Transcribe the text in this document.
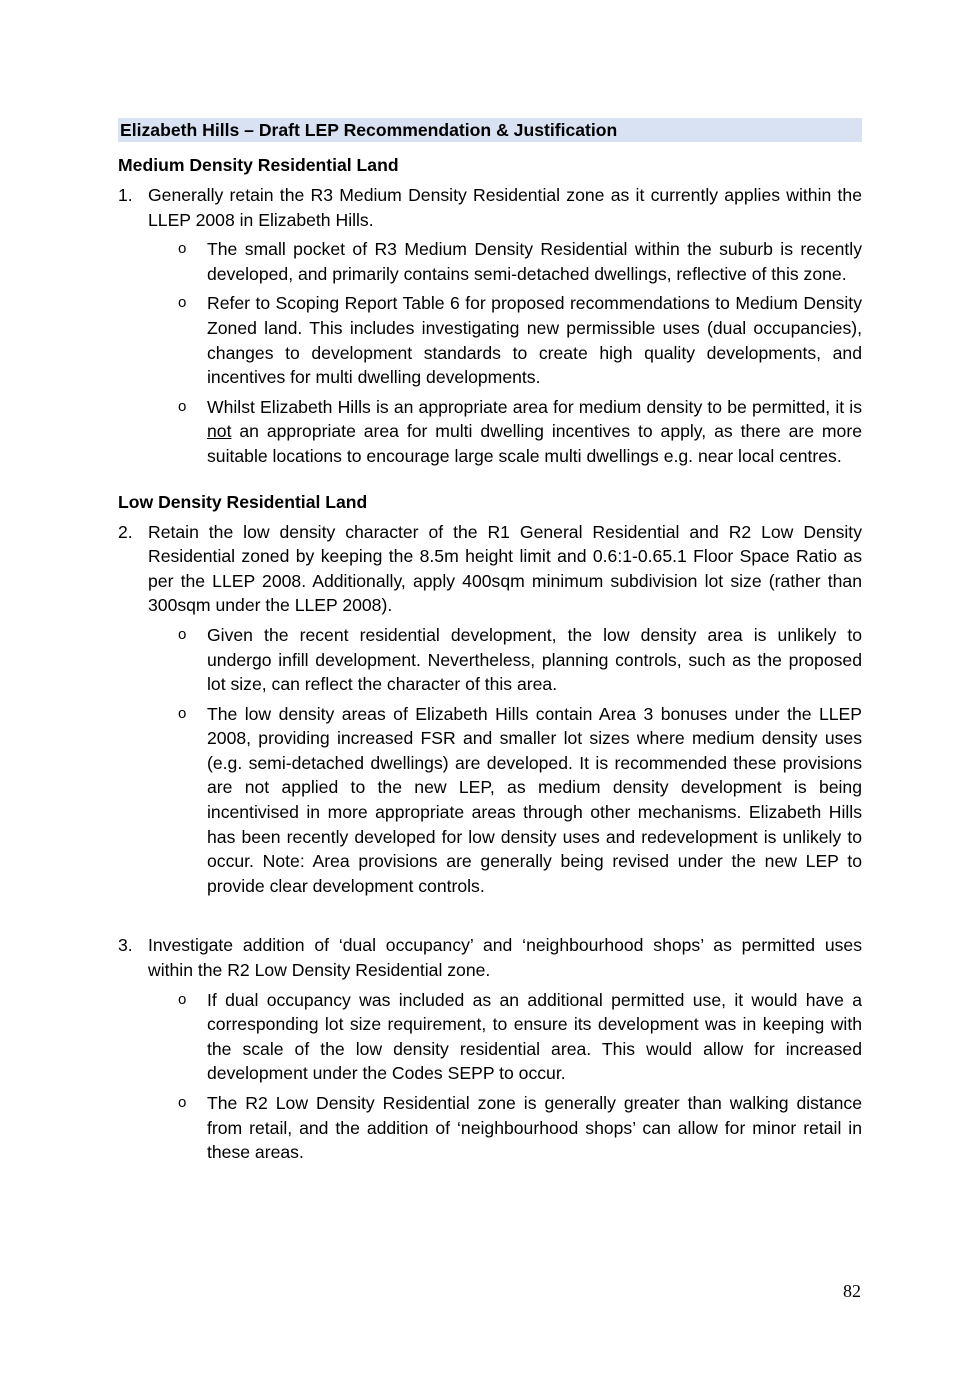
Elizabeth Hills – Draft LEP Recommendation & Justification
Medium Density Residential Land
1. Generally retain the R3 Medium Density Residential zone as it currently applies within the LLEP 2008 in Elizabeth Hills.
o	The small pocket of R3 Medium Density Residential within the suburb is recently developed, and primarily contains semi-detached dwellings, reflective of this zone.
o	Refer to Scoping Report Table 6 for proposed recommendations to Medium Density Zoned land. This includes investigating new permissible uses (dual occupancies), changes to development standards to create high quality developments, and incentives for multi dwelling developments.
o	Whilst Elizabeth Hills is an appropriate area for medium density to be permitted, it is not an appropriate area for multi dwelling incentives to apply, as there are more suitable locations to encourage large scale multi dwellings e.g. near local centres.
Low Density Residential Land
2. Retain the low density character of the R1 General Residential and R2 Low Density Residential zoned by keeping the 8.5m height limit and 0.6:1-0.65.1 Floor Space Ratio as per the LLEP 2008. Additionally, apply 400sqm minimum subdivision lot size (rather than 300sqm under the LLEP 2008).
o	Given the recent residential development, the low density area is unlikely to undergo infill development. Nevertheless, planning controls, such as the proposed lot size, can reflect the character of this area.
o	The low density areas of Elizabeth Hills contain Area 3 bonuses under the LLEP 2008, providing increased FSR and smaller lot sizes where medium density uses (e.g. semi-detached dwellings) are developed. It is recommended these provisions are not applied to the new LEP, as medium density development is being incentivised in more appropriate areas through other mechanisms. Elizabeth Hills has been recently developed for low density uses and redevelopment is unlikely to occur. Note: Area provisions are generally being revised under the new LEP to provide clear development controls.
3. Investigate addition of ‘dual occupancy’ and ‘neighbourhood shops’ as permitted uses within the R2 Low Density Residential zone.
o	If dual occupancy was included as an additional permitted use, it would have a corresponding lot size requirement, to ensure its development was in keeping with the scale of the low density residential area. This would allow for increased development under the Codes SEPP to occur.
o	The R2 Low Density Residential zone is generally greater than walking distance from retail, and the addition of ‘neighbourhood shops’ can allow for minor retail in these areas.
82
